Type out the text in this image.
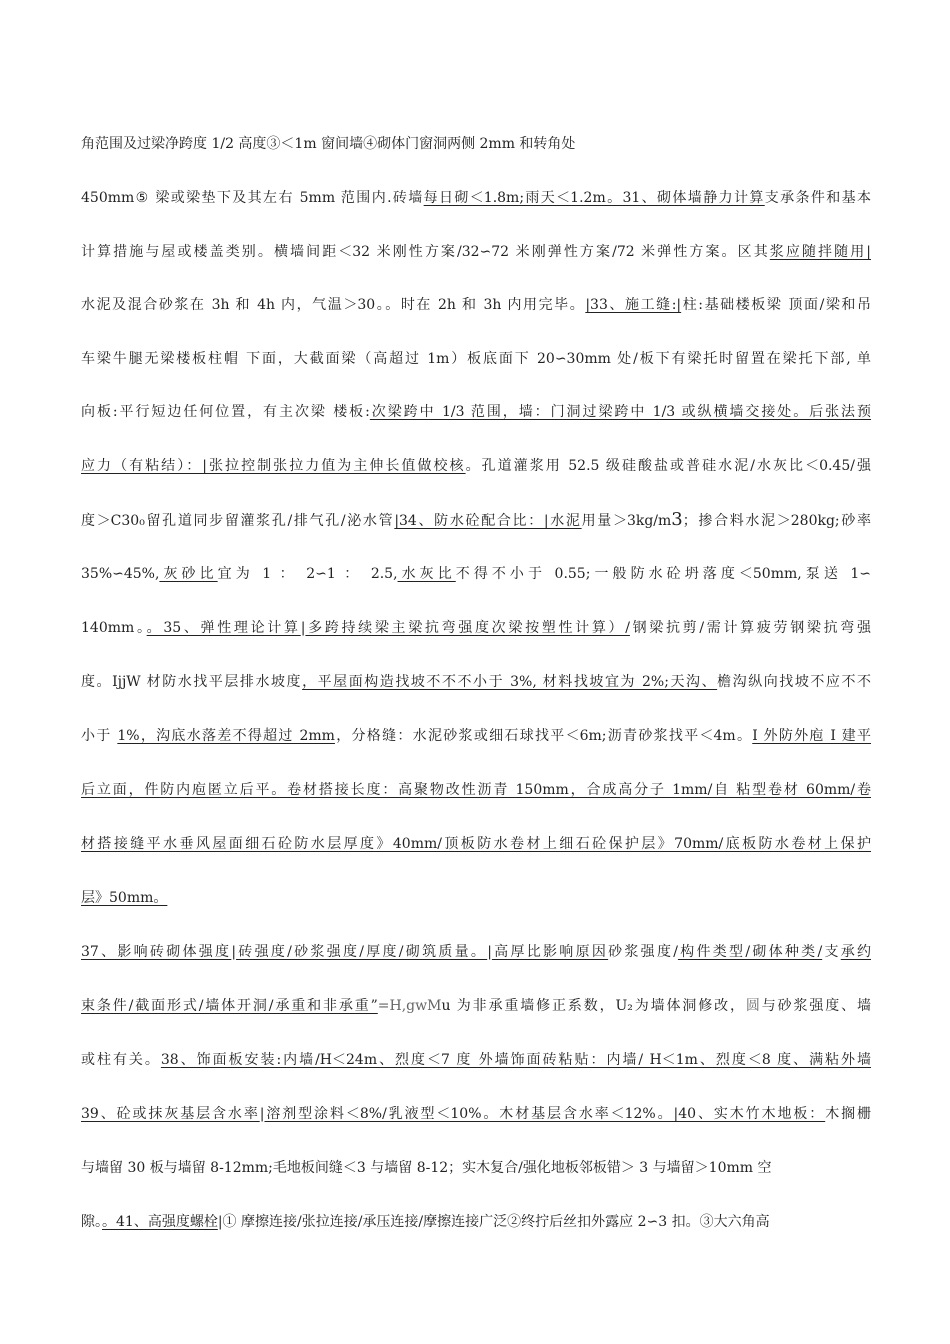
角范围及过梁净跨度 1/2 高度③＜1m 窗间墙④砌体门窗洞两侧 2mm 和转角处
450mm⑤ 梁或梁垫下及其左右 5mm 范围内.砖墙每日砌＜1.8m;雨天＜1.2m。31、砌体墙静力计算支承条件和基本
计算措施与屋或楼盖类别。横墙间距＜32 米刚性方案/32∽72 米刚弹性方案/72 米弹性方案。区其浆应随拌随用|
水泥及混合砂浆在 3h 和 4h 内，气温＞30。。时在 2h 和 3h 内用完毕。|33、施工缝:|柱:基础楼板梁 顶面/梁和吊
车梁牛腿无梁楼板柱帽 下面，大截面梁（高超过 1m）板底面下 20∽30mm 处/板下有梁托时留置在梁托下部, 单
向板:平行短边任何位置，有主次梁 楼板:次梁跨中 1/3 范围，墙：门洞过梁跨中 1/3 或纵横墙交接处。后张法预
应力（有粘结）：|张拉控制张拉力值为主伸长值做校核。孔道灌浆用 52.5 级硅酸盐或普硅水泥/水灰比＜0.45/强
度＞C30₀留孔道同步留灌浆孔/排气孔/泌水管|34、防水砼配合比：|水泥用量＞3kg/m3；掺合料水泥＞280kg;砂率
35%∽45%,灰砂比宜为 1 ： 2∽1 ： 2.5,水灰比不得不小于 0.55;一般防水砼坍落度＜50mm,泵送 1∽
140mm。。35、弹性理论计算|多跨持续梁主梁抗弯强度次梁按塑性计算）/钢梁抗剪/需计算疲劳钢梁抗弯强
度。IjjW 材防水找平层排水坡度，平屋面构造找坡不不不小于 3%, 材料找坡宜为 2%;天沟、檐沟纵向找坡不应不不
小于 1%，沟底水落差不得超过 2mm，分格缝：水泥砂浆或细石球找平＜6m;沥青砂浆找平＜4m。I 外防外庖 I 建平
后立面，件防内庖匿立后平。卷材搭接长度：高聚物改性沥青 150mm，合成高分子 1mm/自 粘型卷材 60mm/卷
材搭接缝平水垂风屋面细石砼防水层厚度》40mm/顶板防水卷材上细石砼保护层》70mm/底板防水卷材上保护
层》50mm。
37、影响砖砌体强度|砖强度/砂浆强度/厚度/砌筑质量。|高厚比影响原因砂浆强度/构件类型/砌体种类/支承约
束条件/截面形式/墙体开洞/承重和非承重”=H,gwMu 为非承重墙修正系数，U₂为墙体洞修改，圆与砂浆强度、墙
或柱有关。38、饰面板安装:内墙/H＜24m、烈度＜7 度 外墙饰面砖粘贴：内墙/ H＜1m、烈度＜8 度、满粘外墙
39、砼或抹灰基层含水率|溶剂型涂料＜8%/乳液型＜10%。木材基层含水率＜12%。|40、实木竹木地板：木搁栅
与墙留 30 板与墙留 8-12mm;毛地板间缝＜3 与墙留 8-12；实木复合/强化地板邻板错＞ 3 与墙留＞10mm 空
隙。。41、高强度螺栓|① 摩擦连接/张拉连接/承压连接/摩擦连接广泛②终拧后丝扣外露应 2∽3 扣。③大六角高
